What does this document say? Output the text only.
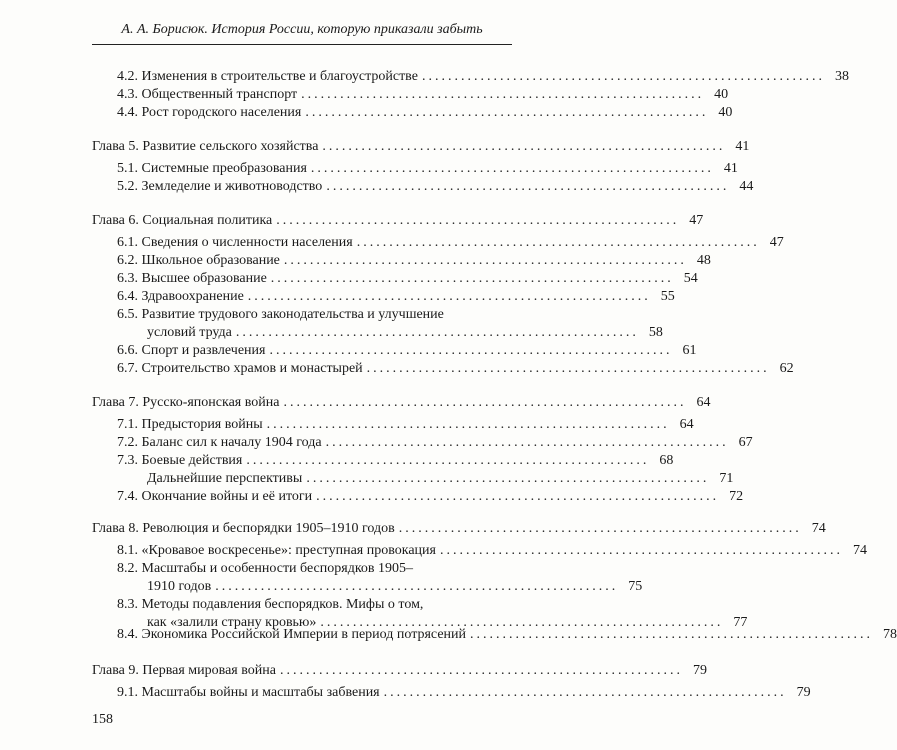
А. А. Борисюк. История России, которую приказали забыть
4.2. Изменения в строительстве и благоустройстве .............................................................. 38
4.3. Общественный транспорт .............................................................. 40
4.4. Рост городского населения .............................................................. 40
Глава 5. Развитие сельского хозяйства .............................................................. 41
5.1. Системные преобразования .............................................................. 41
5.2. Земледелие и животноводство .............................................................. 44
Глава 6. Социальная политика .............................................................. 47
6.1. Сведения о численности населения .............................................................. 47
6.2. Школьное образование .............................................................. 48
6.3. Высшее образование .............................................................. 54
6.4. Здравоохранение .............................................................. 55
6.5. Развитие трудового законодательства и улучшение
условий труда .............................................................. 58
6.6. Спорт и развлечения .............................................................. 61
6.7. Строительство храмов и монастырей .............................................................. 62
Глава 7. Русско-японская война .............................................................. 64
7.1. Предыстория войны .............................................................. 64
7.2. Баланс сил к началу 1904 года .............................................................. 67
7.3. Боевые действия .............................................................. 68
Дальнейшие перспективы .............................................................. 71
7.4. Окончание войны и её итоги .............................................................. 72
Глава 8. Революция и беспорядки 1905–1910 годов .............................................................. 74
8.1. «Кровавое воскресенье»: преступная провокация .............................................................. 74
8.2. Масштабы и особенности беспорядков 1905–
1910 годов .............................................................. 75
8.3. Методы подавления беспорядков. Мифы о том,
как «залили страну кровью» .............................................................. 77
8.4. Экономика Российской Империи в период потрясений .............................................................. 78
Глава 9. Первая мировая война .............................................................. 79
9.1. Масштабы войны и масштабы забвения .............................................................. 79
158
